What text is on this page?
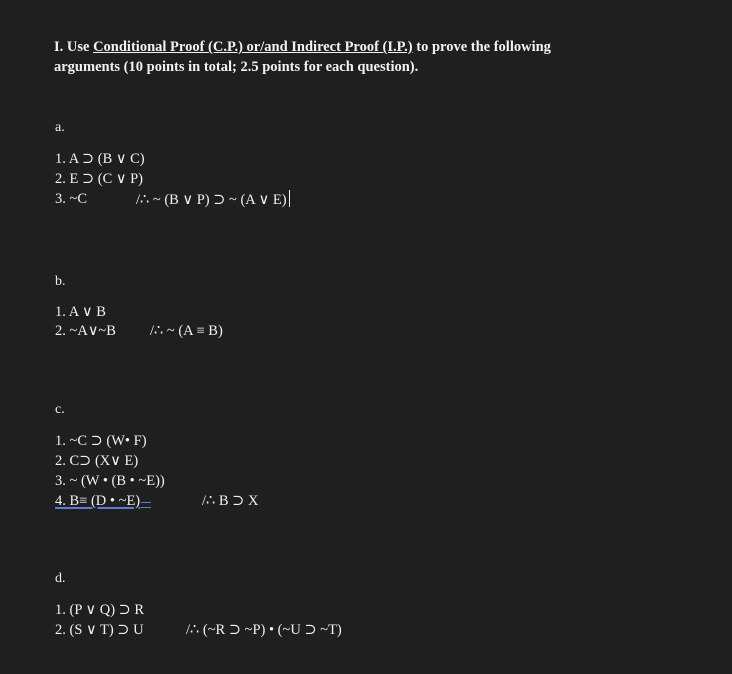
I. Use Conditional Proof (C.P.) or/and Indirect Proof (I.P.) to prove the following
arguments (10 points in total; 2.5 points for each question).
a.
1. A ⊃ (B ∨ C)
2. E ⊃ (C ∨ P)
3. ~C	/∴ ~ (B ∨ P) ⊃ ~ (A ∨ E)
b.
1. A ∨ B
2. ~A∨~B /∴ ~ (A ≡ B)
c.
1. ~C ⊃ (W• F)
2. C⊃ (X∨ E)
3. ~ (W • (B • ~E))
4. B≡ (D • ~E)	/∴ B ⊃ X
d.
1. (P ∨ Q) ⊃ R
2. (S ∨ T) ⊃ U	/∴ (~R ⊃ ~P) • (~U ⊃ ~T)
